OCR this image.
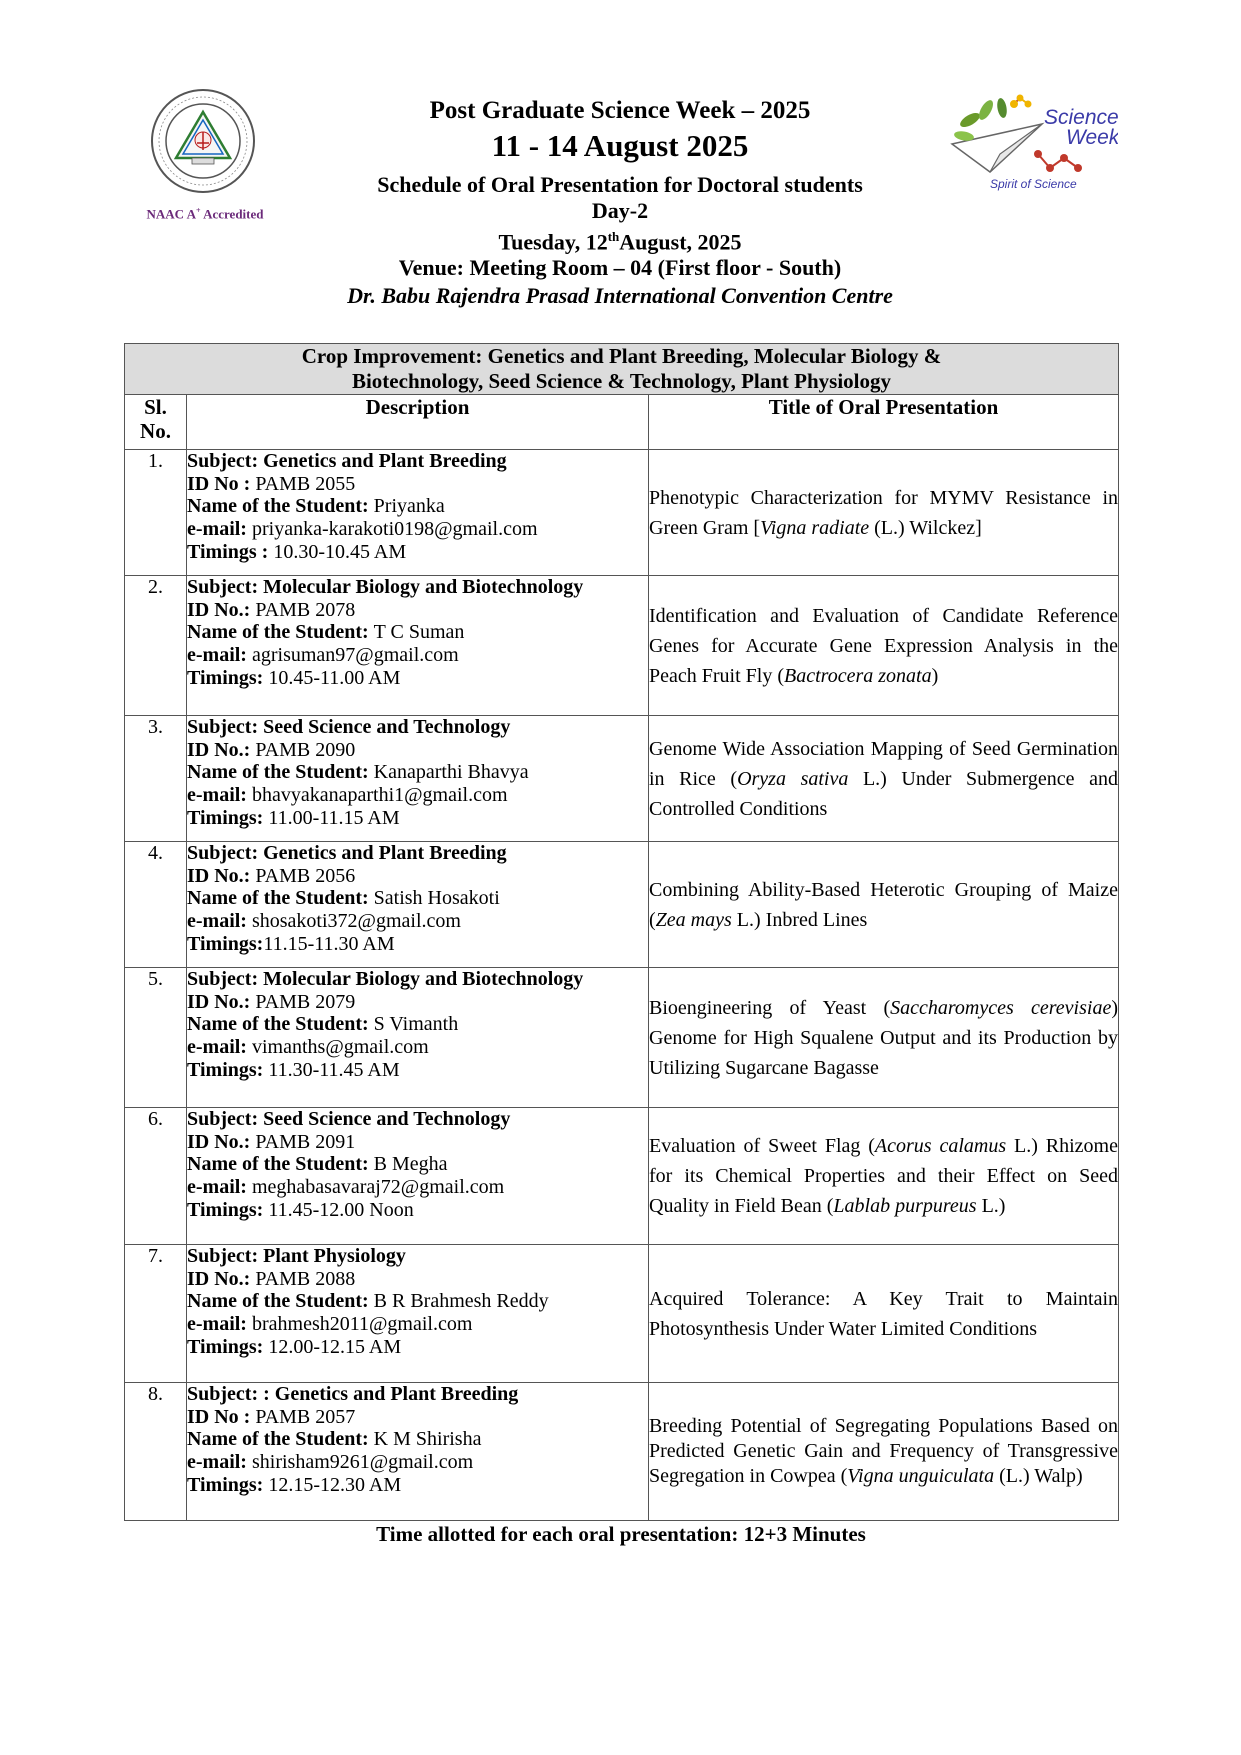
NAAC A+ Accredited
Science
Week
Spirit of Science
Post Graduate Science Week – 2025
11 - 14 August 2025
Schedule of Oral Presentation for Doctoral students
Day-2
Tuesday, 12thAugust, 2025
Venue: Meeting Room – 04 (First floor - South)
Dr. Babu Rajendra Prasad International Convention Centre
Crop Improvement: Genetics and Plant Breeding, Molecular Biology &
Biotechnology, Seed Science & Technology, Plant Physiology		

Sl.
No.	Description	Title of Oral Presentation
1.	Subject: Genetics and Plant Breeding
ID No : PAMB 2055
Name of the Student: Priyanka
e-mail: priyanka-karakoti0198@gmail.com
Timings : 10.30-10.45 AM	Phenotypic Characterization for MYMV Resistance in Green Gram [Vigna radiate (L.) Wilckez]
2.	Subject: Molecular Biology and Biotechnology
ID No.: PAMB 2078
Name of the Student: T C Suman
e-mail: agrisuman97@gmail.com
Timings: 10.45-11.00 AM	Identification and Evaluation of Candidate Reference Genes for Accurate Gene Expression Analysis in the Peach Fruit Fly (Bactrocera zonata)
3.	Subject: Seed Science and Technology
ID No.: PAMB 2090
Name of the Student: Kanaparthi Bhavya
e-mail: bhavyakanaparthi1@gmail.com
Timings: 11.00-11.15 AM	Genome Wide Association Mapping of Seed Germination in Rice (Oryza sativa L.) Under Submergence and Controlled Conditions
4.	Subject: Genetics and Plant Breeding
ID No.: PAMB 2056
Name of the Student: Satish Hosakoti
e-mail: shosakoti372@gmail.com
Timings:11.15-11.30 AM	Combining Ability-Based Heterotic Grouping of Maize (Zea mays L.) Inbred Lines
5.	Subject: Molecular Biology and Biotechnology
ID No.: PAMB 2079
Name of the Student: S Vimanth
e-mail: vimanths@gmail.com
Timings: 11.30-11.45 AM	Bioengineering of Yeast (Saccharomyces cerevisiae) Genome for High Squalene Output and its Production by Utilizing Sugarcane Bagasse
6.	Subject: Seed Science and Technology
ID No.: PAMB 2091
Name of the Student: B Megha
e-mail: meghabasavaraj72@gmail.com
Timings: 11.45-12.00 Noon	Evaluation of Sweet Flag (Acorus calamus L.) Rhizome for its Chemical Properties and their Effect on Seed Quality in Field Bean (Lablab purpureus L.)
7.	Subject: Plant Physiology
ID No.: PAMB 2088
Name of the Student: B R Brahmesh Reddy
e-mail: brahmesh2011@gmail.com
Timings: 12.00-12.15 AM	Acquired Tolerance: A Key Trait to Maintain Photosynthesis Under Water Limited Conditions
8.	Subject: : Genetics and Plant Breeding
ID No : PAMB 2057
Name of the Student: K M Shirisha
e-mail: shirisham9261@gmail.com
Timings: 12.15-12.30 AM	Breeding Potential of Segregating Populations Based on Predicted Genetic Gain and Frequency of Transgressive Segregation in Cowpea (Vigna unguiculata (L.) Walp)
Time allotted for each oral presentation: 12+3 Minutes
